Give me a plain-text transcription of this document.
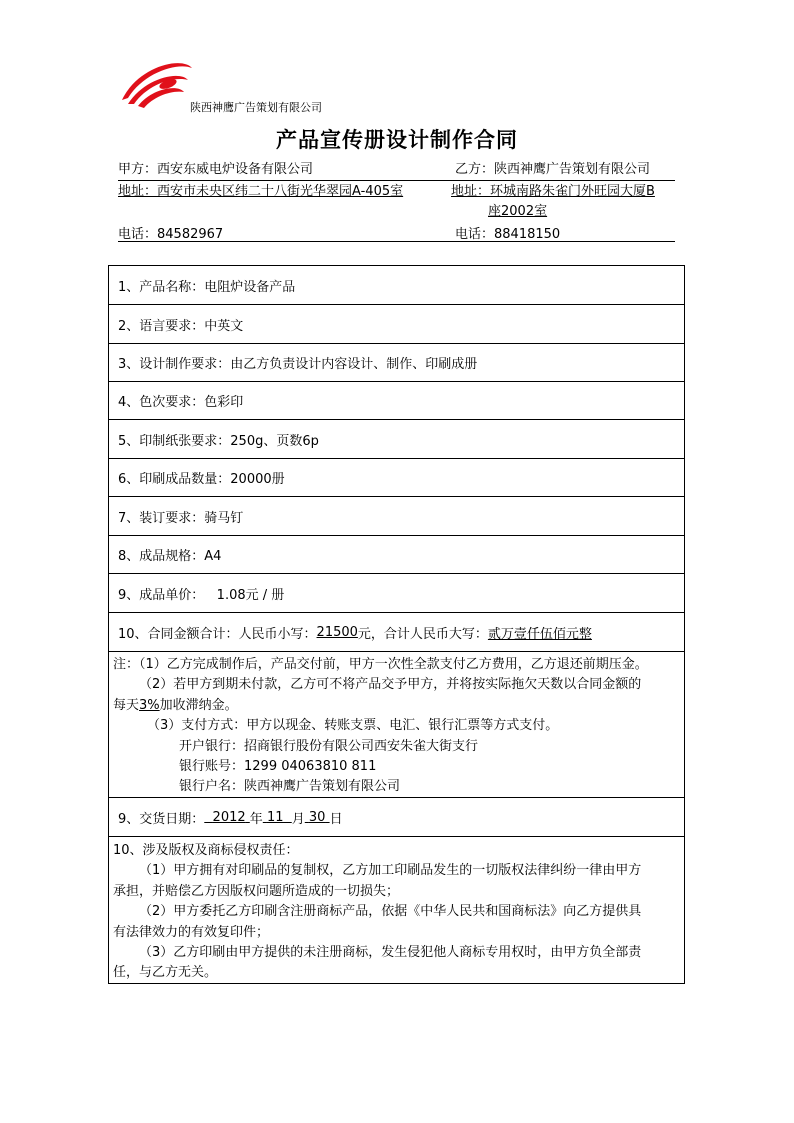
陕西神鹰广告策划有限公司
产品宣传册设计制作合同
甲方：西安东威电炉设备有限公司	乙方：陕西神鹰广告策划有限公司
地址：西安市未央区纬二十八街光华翠园A-405室	地址：环城南路朱雀门外旺园大厦B
座2002室
电话：84582967	电话：88418150
1、产品名称：电阻炉设备产品
2、语言要求：中英文
3、设计制作要求：由乙方负责设计内容设计、制作、印刷成册
4、色次要求：色彩印
5、印制纸张要求：250g、页数6p
6、印刷成品数量：20000册
7、装订要求：骑马钉
8、成品规格：A4
9、成品单价：   1.08元 / 册
10、合同金额合计：人民币小写： 21500 元，合计人民币大写： 贰万壹仟伍佰元整
注：（1）乙方完成制作后，产品交付前，甲方一次性全款支付乙方费用，乙方退还前期压金。
（2）若甲方到期未付款，乙方可不将产品交予甲方，并将按实际拖欠天数以合同金额的
每天3%加收滞纳金。
（3）支付方式：甲方以现金、转账支票、电汇、银行汇票等方式支付。
开户银行：招商银行股份有限公司西安朱雀大街支行
银行账号：1299 04063810 811
银行户名：陕西神鹰广告策划有限公司
9、交货日期： 2012 年 11 月 30 日
10、涉及版权及商标侵权责任：
（1）甲方拥有对印刷品的复制权，乙方加工印刷品发生的一切版权法律纠纷一律由甲方
承担，并赔偿乙方因版权问题所造成的一切损失；
（2）甲方委托乙方印刷含注册商标产品，依据《中华人民共和国商标法》向乙方提供具
有法律效力的有效复印件；
（3）乙方印刷由甲方提供的未注册商标，发生侵犯他人商标专用权时，由甲方负全部责
任，与乙方无关。
